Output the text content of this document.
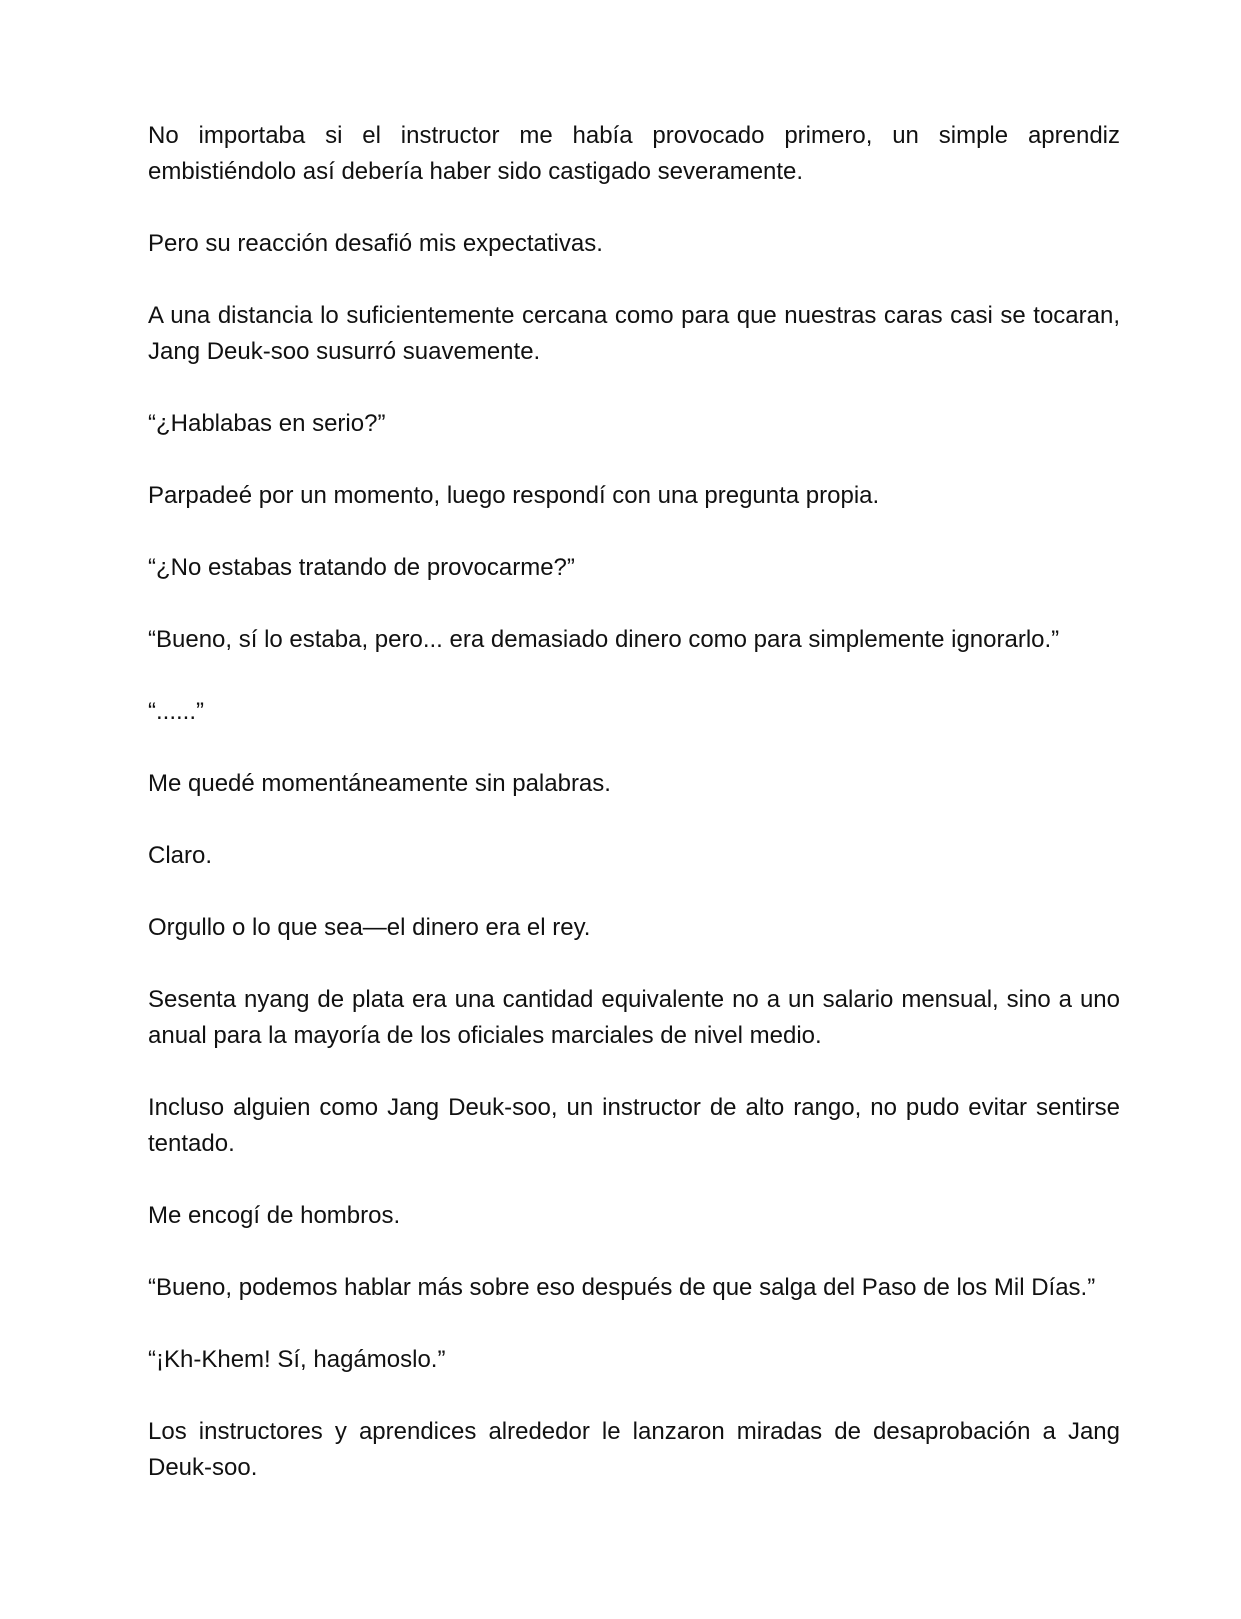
No importaba si el instructor me había provocado primero, un simple aprendiz embistiéndolo así debería haber sido castigado severamente.

Pero su reacción desafió mis expectativas.

A una distancia lo suficientemente cercana como para que nuestras caras casi se tocaran, Jang Deuk-soo susurró suavemente.

“¿Hablabas en serio?”

Parpadeé por un momento, luego respondí con una pregunta propia.

“¿No estabas tratando de provocarme?”

“Bueno, sí lo estaba, pero... era demasiado dinero como para simplemente ignorarlo.”

“......”

Me quedé momentáneamente sin palabras.

Claro.

Orgullo o lo que sea—el dinero era el rey.

Sesenta nyang de plata era una cantidad equivalente no a un salario mensual, sino a uno anual para la mayoría de los oficiales marciales de nivel medio.

Incluso alguien como Jang Deuk-soo, un instructor de alto rango, no pudo evitar sentirse tentado.

Me encogí de hombros.

“Bueno, podemos hablar más sobre eso después de que salga del Paso de los Mil Días.”

“¡Kh-Khem! Sí, hagámoslo.”

Los instructores y aprendices alrededor le lanzaron miradas de desaprobación a Jang Deuk-soo.
